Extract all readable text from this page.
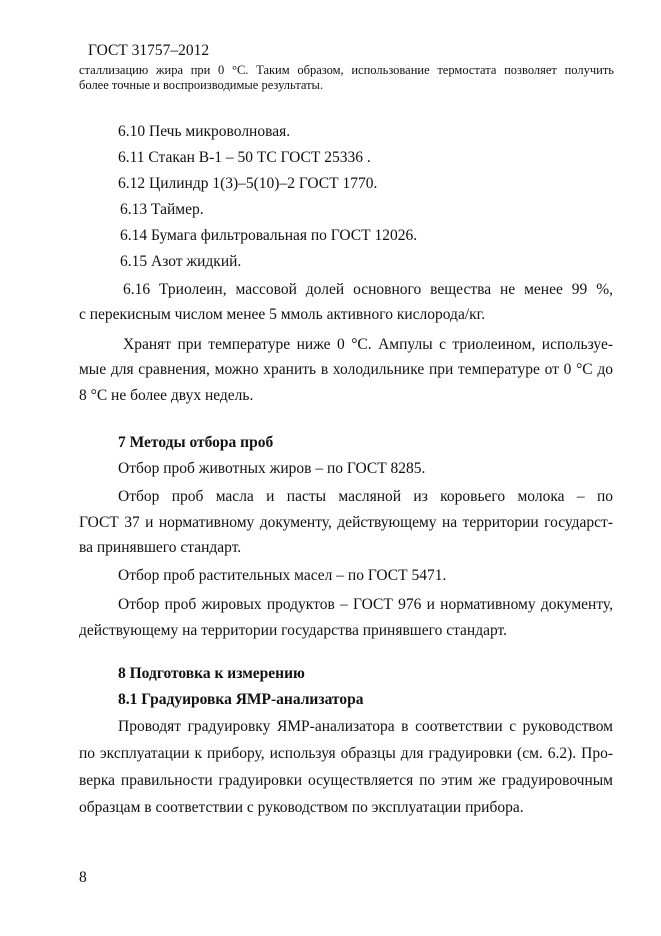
ГОСТ 31757–2012
сталлизацию жира при 0 °С. Таким образом, использование термостата позволяет получить
более точные и воспроизводимые результаты.
6.10 Печь микроволновая.
6.11 Стакан В-1 – 50 ТС ГОСТ 25336 .
6.12 Цилиндр 1(3)–5(10)–2 ГОСТ 1770.
6.13 Таймер.
6.14 Бумага фильтровальная по ГОСТ 12026.
6.15 Азот жидкий.
6.16 Триолеин, массовой долей основного вещества не менее 99 %,
с перекисным числом менее 5 ммоль активного кислорода/кг.
Хранят при температуре ниже 0 °С. Ампулы с триолеином, используе-
мые для сравнения, можно хранить в холодильнике при температуре от 0 °С до
8 °С не более двух недель.
7 Методы отбора проб
Отбор проб животных жиров – по ГОСТ 8285.
Отбор проб масла и пасты масляной из коровьего молока – по
ГОСТ 37 и нормативному документу, действующему на территории государст-
ва принявшего стандарт.
Отбор проб растительных масел – по ГОСТ 5471.
Отбор проб жировых продуктов – ГОСТ 976 и нормативному документу,
действующему на территории государства принявшего стандарт.
8 Подготовка к измерению
8.1 Градуировка ЯМР-анализатора
Проводят градуировку ЯМР-анализатора в соответствии с руководством
по эксплуатации к прибору, используя образцы для градуировки (см. 6.2). Про-
верка правильности градуировки осуществляется по этим же градуировочным
образцам в соответствии с руководством по эксплуатации прибора.
8
